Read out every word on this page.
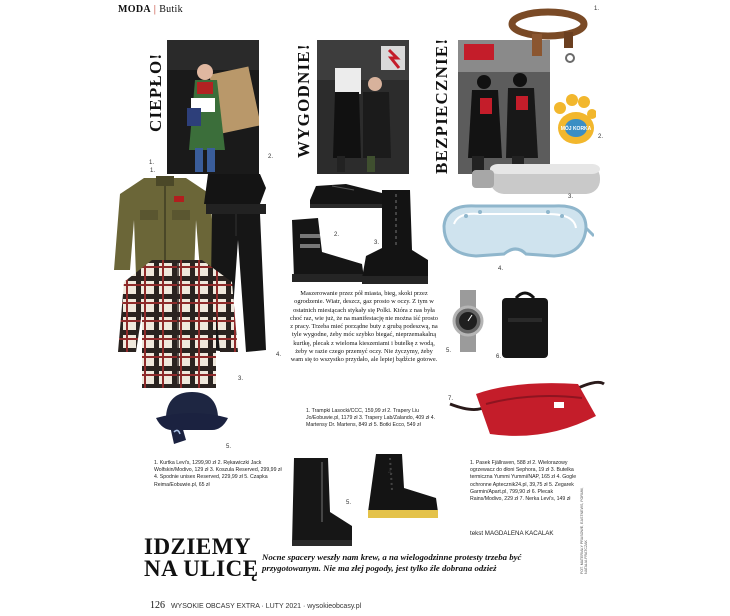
MODA | Butik
CIEPŁO!	WYGODNIE!	BEZPIECZNIE!
1.
1.
MÓJ KORKA
2.
3.
4.
5.
6.
7.
1.
2.
4.
3.
5.
2.
3.
5.
4.
Maszerowanie przez pół miasta, bieg, skoki przez ogrodzenie. Wiatr, deszcz, gaz prosto w oczy. Z tym w ostatnich miesiącach stykały się Polki. Która z nas była choć raz, wie już, że na manifestację nie można iść prosto z pracy. Trzeba mieć porządne buty z grubą podeszwą, na tyle wygodne, żeby móc szybko biegać, nieprzemakalną kurtkę, plecak z wieloma kieszeniami i butelkę z wodą, żeby w razie czego przemyć oczy. Nie życzymy, żeby wam się to wszystko przydało, ale lepiej bądźcie gotowe.
1. Kurtka Levi's, 1299,90 zł 2. Rękawiczki Jack Wolfskin/Modivo, 129 zł 3. Koszula Reserved, 299,99 zł 4. Spodnie unisex Reserved, 229,99 zł 5. Czapka Reima/Eobuwie.pl, 65 zł
1. Trampki Lasocki/CCC, 159,99 zł 2. Trapery Liu Jo/Eobuwie.pl, 1179 zł 3. Trapery Lab/Zalando, 409 zł 4. Martensy Dr. Martens, 849 zł 5. Botki Ecco, 549 zł
1. Pasek Fjällraven, 588 zł 2. Wielorazowy ogrzewacz do dłoni Sephora, 19 zł 3. Butelka termiczna Yummi Yummi/NAP, 165 zł 4. Gogle ochronne Aptecznik24.pl, 39,75 zł 5. Zegarek Garmin/Apart.pl, 799,90 zł 6. Plecak Rains/Modivo, 229 zł 7. Nerka Levi's, 149 zł	FOT. MATERIAŁY PRASOWE, EASTNEWS, FORUM, NATALIA FRATCZAK
IDZIEMY
NA ULICĘ
tekst MAGDALENA KACALAK
Nocne spacery weszły nam krew, a na wielogodzinne protesty trzeba być przygotowanym. Nie ma złej pogody, jest tylko źle dobrana odzież
126 WYSOKIE OBCASY EXTRA · LUTY 2021 · wysokieobcasy.pl
